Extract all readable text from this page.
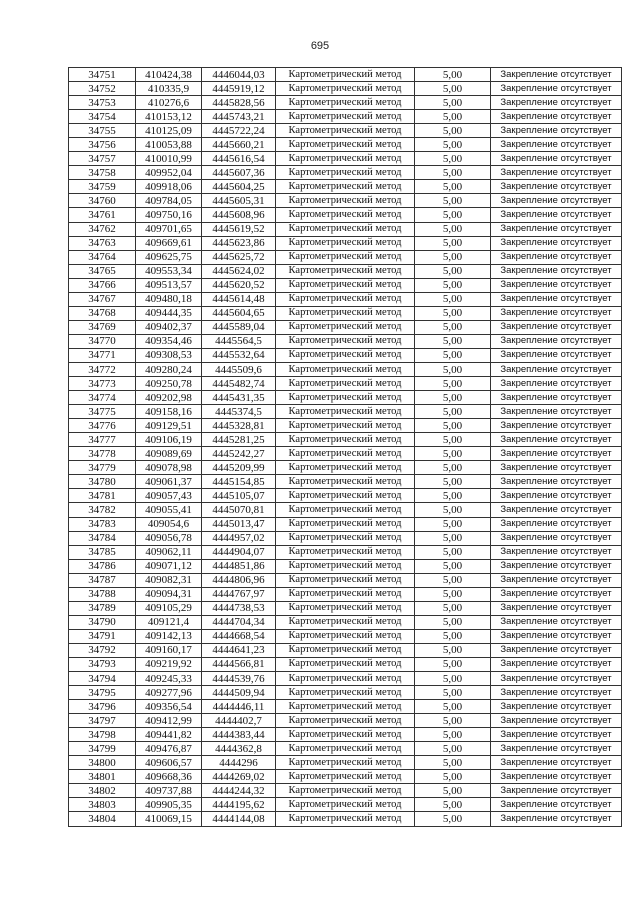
695
34751	410424,38	4446044,03	Картометрический метод	5,00	Закрепление отсутствует
34752	410335,9	4445919,12	Картометрический метод	5,00	Закрепление отсутствует
34753	410276,6	4445828,56	Картометрический метод	5,00	Закрепление отсутствует
34754	410153,12	4445743,21	Картометрический метод	5,00	Закрепление отсутствует
34755	410125,09	4445722,24	Картометрический метод	5,00	Закрепление отсутствует
34756	410053,88	4445660,21	Картометрический метод	5,00	Закрепление отсутствует
34757	410010,99	4445616,54	Картометрический метод	5,00	Закрепление отсутствует
34758	409952,04	4445607,36	Картометрический метод	5,00	Закрепление отсутствует
34759	409918,06	4445604,25	Картометрический метод	5,00	Закрепление отсутствует
34760	409784,05	4445605,31	Картометрический метод	5,00	Закрепление отсутствует
34761	409750,16	4445608,96	Картометрический метод	5,00	Закрепление отсутствует
34762	409701,65	4445619,52	Картометрический метод	5,00	Закрепление отсутствует
34763	409669,61	4445623,86	Картометрический метод	5,00	Закрепление отсутствует
34764	409625,75	4445625,72	Картометрический метод	5,00	Закрепление отсутствует
34765	409553,34	4445624,02	Картометрический метод	5,00	Закрепление отсутствует
34766	409513,57	4445620,52	Картометрический метод	5,00	Закрепление отсутствует
34767	409480,18	4445614,48	Картометрический метод	5,00	Закрепление отсутствует
34768	409444,35	4445604,65	Картометрический метод	5,00	Закрепление отсутствует
34769	409402,37	4445589,04	Картометрический метод	5,00	Закрепление отсутствует
34770	409354,46	4445564,5	Картометрический метод	5,00	Закрепление отсутствует
34771	409308,53	4445532,64	Картометрический метод	5,00	Закрепление отсутствует
34772	409280,24	4445509,6	Картометрический метод	5,00	Закрепление отсутствует
34773	409250,78	4445482,74	Картометрический метод	5,00	Закрепление отсутствует
34774	409202,98	4445431,35	Картометрический метод	5,00	Закрепление отсутствует
34775	409158,16	4445374,5	Картометрический метод	5,00	Закрепление отсутствует
34776	409129,51	4445328,81	Картометрический метод	5,00	Закрепление отсутствует
34777	409106,19	4445281,25	Картометрический метод	5,00	Закрепление отсутствует
34778	409089,69	4445242,27	Картометрический метод	5,00	Закрепление отсутствует
34779	409078,98	4445209,99	Картометрический метод	5,00	Закрепление отсутствует
34780	409061,37	4445154,85	Картометрический метод	5,00	Закрепление отсутствует
34781	409057,43	4445105,07	Картометрический метод	5,00	Закрепление отсутствует
34782	409055,41	4445070,81	Картометрический метод	5,00	Закрепление отсутствует
34783	409054,6	4445013,47	Картометрический метод	5,00	Закрепление отсутствует
34784	409056,78	4444957,02	Картометрический метод	5,00	Закрепление отсутствует
34785	409062,11	4444904,07	Картометрический метод	5,00	Закрепление отсутствует
34786	409071,12	4444851,86	Картометрический метод	5,00	Закрепление отсутствует
34787	409082,31	4444806,96	Картометрический метод	5,00	Закрепление отсутствует
34788	409094,31	4444767,97	Картометрический метод	5,00	Закрепление отсутствует
34789	409105,29	4444738,53	Картометрический метод	5,00	Закрепление отсутствует
34790	409121,4	4444704,34	Картометрический метод	5,00	Закрепление отсутствует
34791	409142,13	4444668,54	Картометрический метод	5,00	Закрепление отсутствует
34792	409160,17	4444641,23	Картометрический метод	5,00	Закрепление отсутствует
34793	409219,92	4444566,81	Картометрический метод	5,00	Закрепление отсутствует
34794	409245,33	4444539,76	Картометрический метод	5,00	Закрепление отсутствует
34795	409277,96	4444509,94	Картометрический метод	5,00	Закрепление отсутствует
34796	409356,54	4444446,11	Картометрический метод	5,00	Закрепление отсутствует
34797	409412,99	4444402,7	Картометрический метод	5,00	Закрепление отсутствует
34798	409441,82	4444383,44	Картометрический метод	5,00	Закрепление отсутствует
34799	409476,87	4444362,8	Картометрический метод	5,00	Закрепление отсутствует
34800	409606,57	4444296	Картометрический метод	5,00	Закрепление отсутствует
34801	409668,36	4444269,02	Картометрический метод	5,00	Закрепление отсутствует
34802	409737,88	4444244,32	Картометрический метод	5,00	Закрепление отсутствует
34803	409905,35	4444195,62	Картометрический метод	5,00	Закрепление отсутствует
34804	410069,15	4444144,08	Картометрический метод	5,00	Закрепление отсутствует
